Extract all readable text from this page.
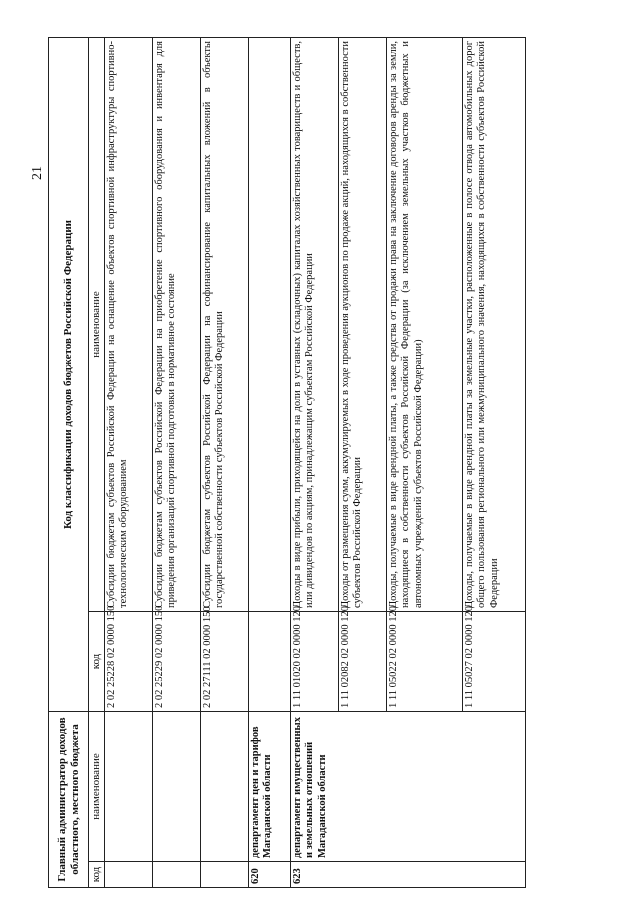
21
Главный администратор доходов областного, местного бюджета		Код классификации доходов бюджетов Российской Федерации	
код	наименование	код	наименование
		2 02 25228 02 0000 150	Субсидии бюджетам субъектов Российской Федерации на оснащение объектов спортивной инфраструктуры спортивно-технологическим оборудованием
		2 02 25229 02 0000 150	Субсидии бюджетам субъектов Российской Федерации на приобретение спортивного оборудования и инвентаря для приведения организаций спортивной подготовки в нормативное состояние
		2 02 27111 02 0000 150	Субсидии бюджетам субъектов Российской Федерации на софинансирование капитальных вложений в объекты государственной собственности субъектов Российской Федерации
620	департамент цен и тарифов Магаданской области		
623	департамент имущественных и земельных отношений Магаданской области	1 11 01020 02 0000 120	Доходы в виде прибыли, приходящейся на доли в уставных (складочных) капиталах хозяйственных товариществ и обществ, или дивидендов по акциям, принадлежащим субъектам Российской Федерации
		1 11 02082 02 0000 120	Доходы от размещения сумм, аккумулируемых в ходе проведения аукционов по продаже акций, находящихся в собственности субъектов Российской Федерации
		1 11 05022 02 0000 120	Доходы, получаемые в виде арендной платы, а также средства от продажи права на заключение договоров аренды за земли, находящиеся в собственности субъектов Российской Федерации (за исключением земельных участков бюджетных и автономных учреждений субъектов Российской Федерации)
		1 11 05027 02 0000 120	Доходы, получаемые в виде арендной платы за земельные участки, расположенные в полосе отвода автомобильных дорог общего пользования регионального или межмуниципального значения, находящихся в собственности субъектов Российской Федерации
